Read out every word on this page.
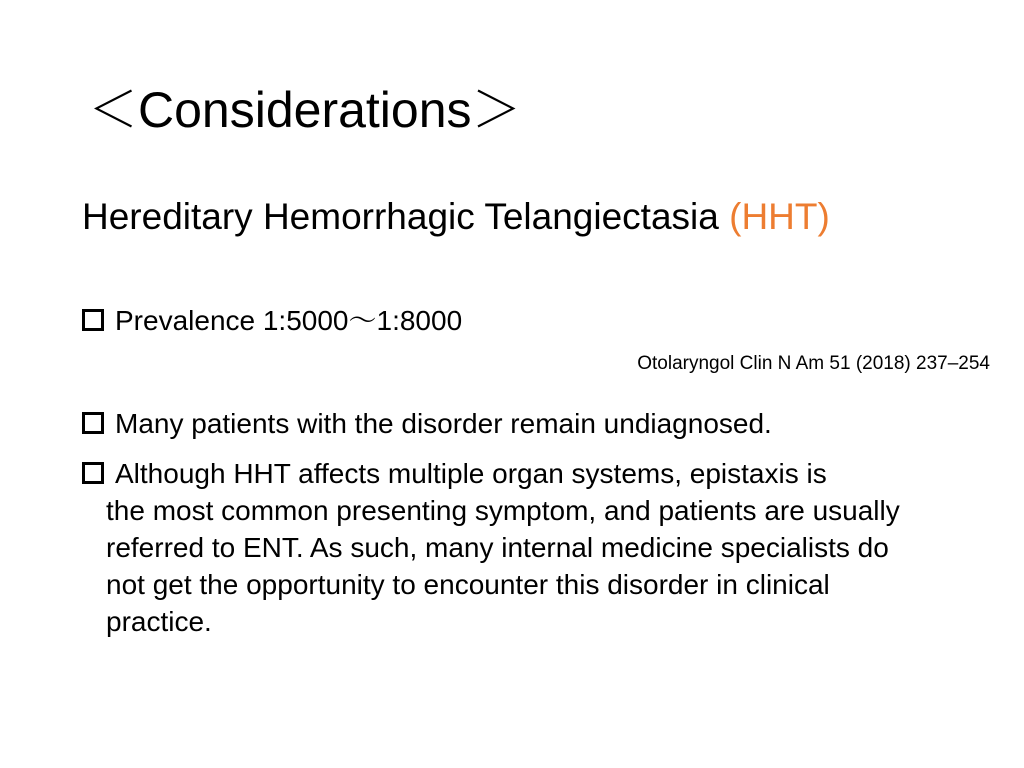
＜Considerations＞
Hereditary Hemorrhagic Telangiectasia (HHT)
Prevalence 1:5000～1:8000
Otolaryngol Clin N Am 51 (2018) 237–254
Many patients with the disorder remain undiagnosed.
Although HHT affects multiple organ systems, epistaxis is
the most common presenting symptom, and patients are usually referred to ENT. As such, many internal medicine specialists do not get the opportunity to encounter this disorder in clinical practice.
